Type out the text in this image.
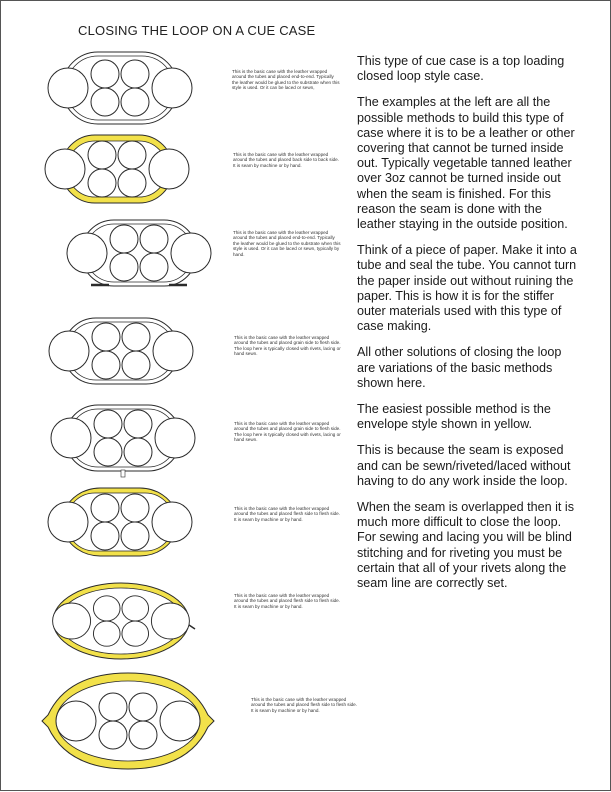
CLOSING THE LOOP ON A CUE CASE
This is the basic case with the leather wrapped around the tubes and placed end-to-end. Typically the leather would be glued to the substrate when this style is used. Or it can be laced or sewn,
This is the basic case with the leather wrapped around the tubes and placed back side to back side. It is seam by machine or by hand.
This is the basic case with the leather wrapped around the tubes and placed end-to-end. Typically the leather would be glued to the substrate when this style is used. Or it can be laced or sewn, typically by hand.
This is the basic case with the leather wrapped around the tubes and placed grain side to flesh side. The loop here is typically closed with rivets, lacing or hand sewn.
This is the basic case with the leather wrapped around the tubes and placed grain side to flesh side. The loop here is typically closed with rivets, lacing or hand sewn.
This is the basic case with the leather wrapped around the tubes and placed flesh side to flesh side. It is seam by machine or by hand.
This is the basic case with the leather wrapped around the tubes and placed flesh side to flesh side. It is seam by machine or by hand.
This is the basic case with the leather wrapped around the tubes and placed flesh side to flesh side. It is seam by machine or by hand.

This type of cue case is a top loading closed loop style case.

The examples at the left are all the possible methods to build this type of case where it is to be a leather or other covering that cannot be turned inside out. Typically vegetable tanned leather over 3oz cannot be turned inside out when the seam is finished. For this reason the seam is done with the leather staying in the outside position.

Think of a piece of paper. Make it into a tube and seal the tube. You cannot turn the paper inside out without ruining the paper. This is how it is for the stiffer outer materials used with this type of case making.

All other solutions of closing the loop are variations of the basic methods shown here.

The easiest possible method is the envelope style shown in yellow.

This is because the seam is exposed and can be sewn/riveted/laced without having to do any work inside the loop.

When the seam is overlapped then it is much more difficult to close the loop. For sewing and lacing you will be blind stitching and for riveting you must be certain that all of your rivets along the seam line are correctly set.
